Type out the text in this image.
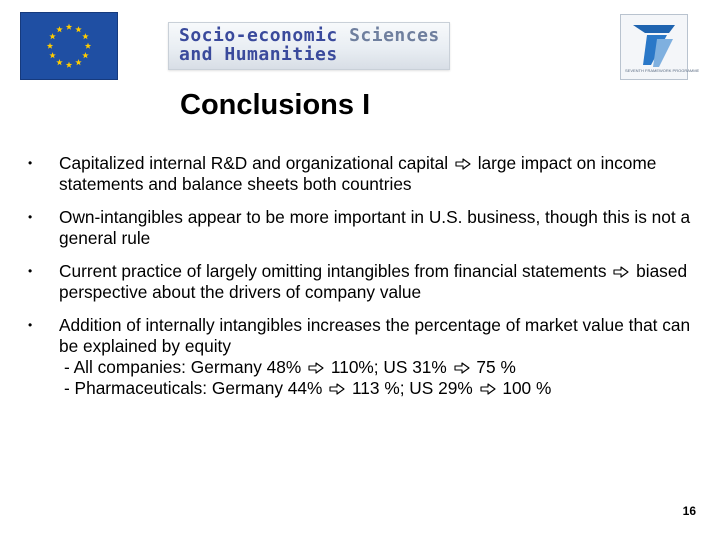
Socio-economic Sciences
and Humanities
SEVENTH FRAMEWORK PROGRAMME
Conclusions I
• Capitalized internal R&D and organizational capital large impact on income statements and balance sheets both countries
• Own-intangibles appear to be more important in U.S. business, though this is not a general rule
• Current practice of largely omitting intangibles from financial statements biased perspective about the drivers of company value
• Addition of internally intangibles increases the percentage of market value that can be explained by equity
- All companies: Germany 48% 110%; US 31% 75 %
- Pharmaceuticals: Germany 44% 113 %; US 29% 100 %
16
